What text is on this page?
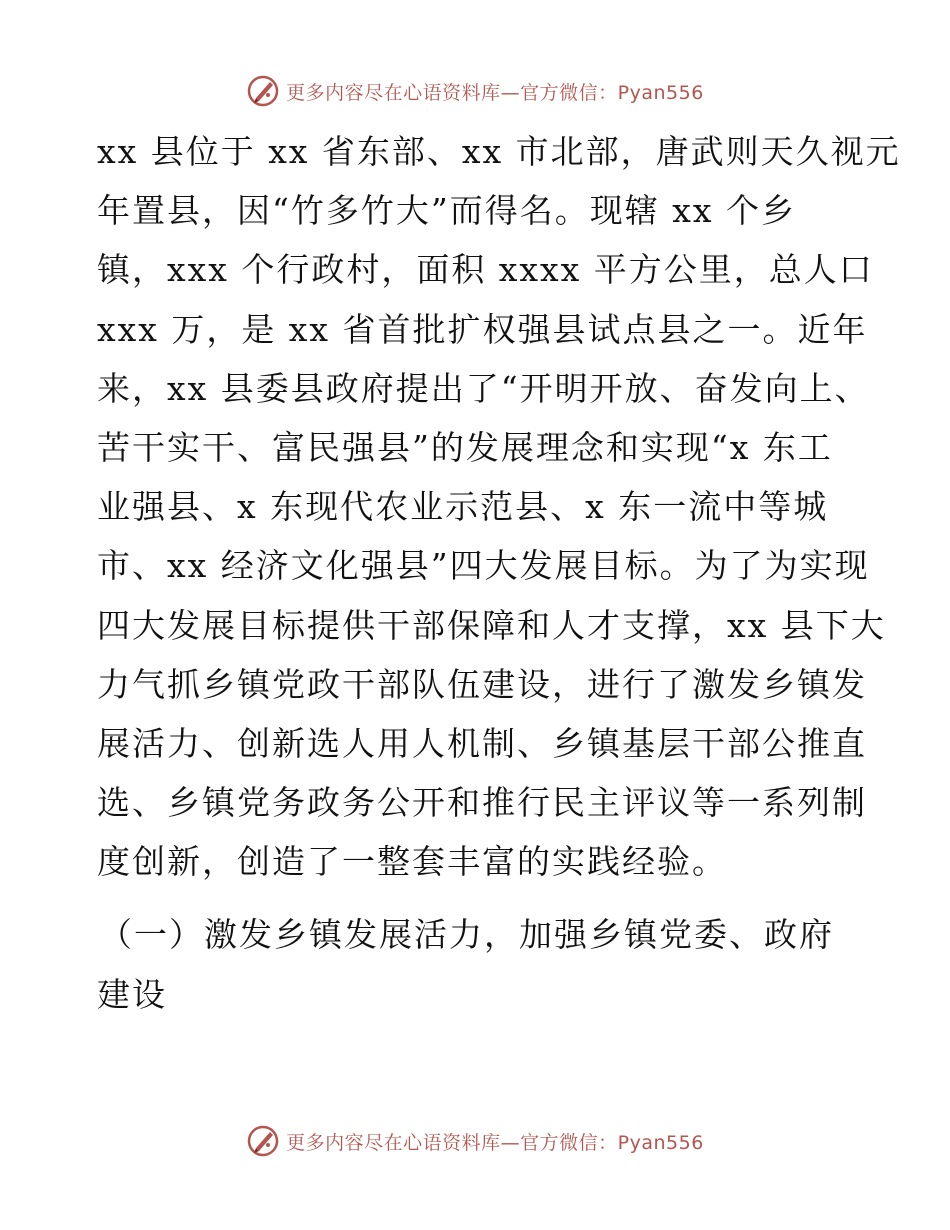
更多内容尽在心语资料库—官方微信：Pyan556
xx 县位于 xx 省东部、xx 市北部，唐武则天久视元
年置县，因“竹多竹大”而得名。现辖 xx 个乡
镇，xxx 个行政村，面积 xxxx 平方公里，总人口
xxx 万，是 xx 省首批扩权强县试点县之一。近年
来，xx 县委县政府提出了“开明开放、奋发向上、
苦干实干、富民强县”的发展理念和实现“x 东工
业强县、x 东现代农业示范县、x 东一流中等城
市、xx 经济文化强县”四大发展目标。为了为实现
四大发展目标提供干部保障和人才支撑，xx 县下大
力气抓乡镇党政干部队伍建设，进行了激发乡镇发
展活力、创新选人用人机制、乡镇基层干部公推直
选、乡镇党务政务公开和推行民主评议等一系列制
度创新，创造了一整套丰富的实践经验。
（一）激发乡镇发展活力，加强乡镇党委、政府
建设
更多内容尽在心语资料库—官方微信：Pyan556
